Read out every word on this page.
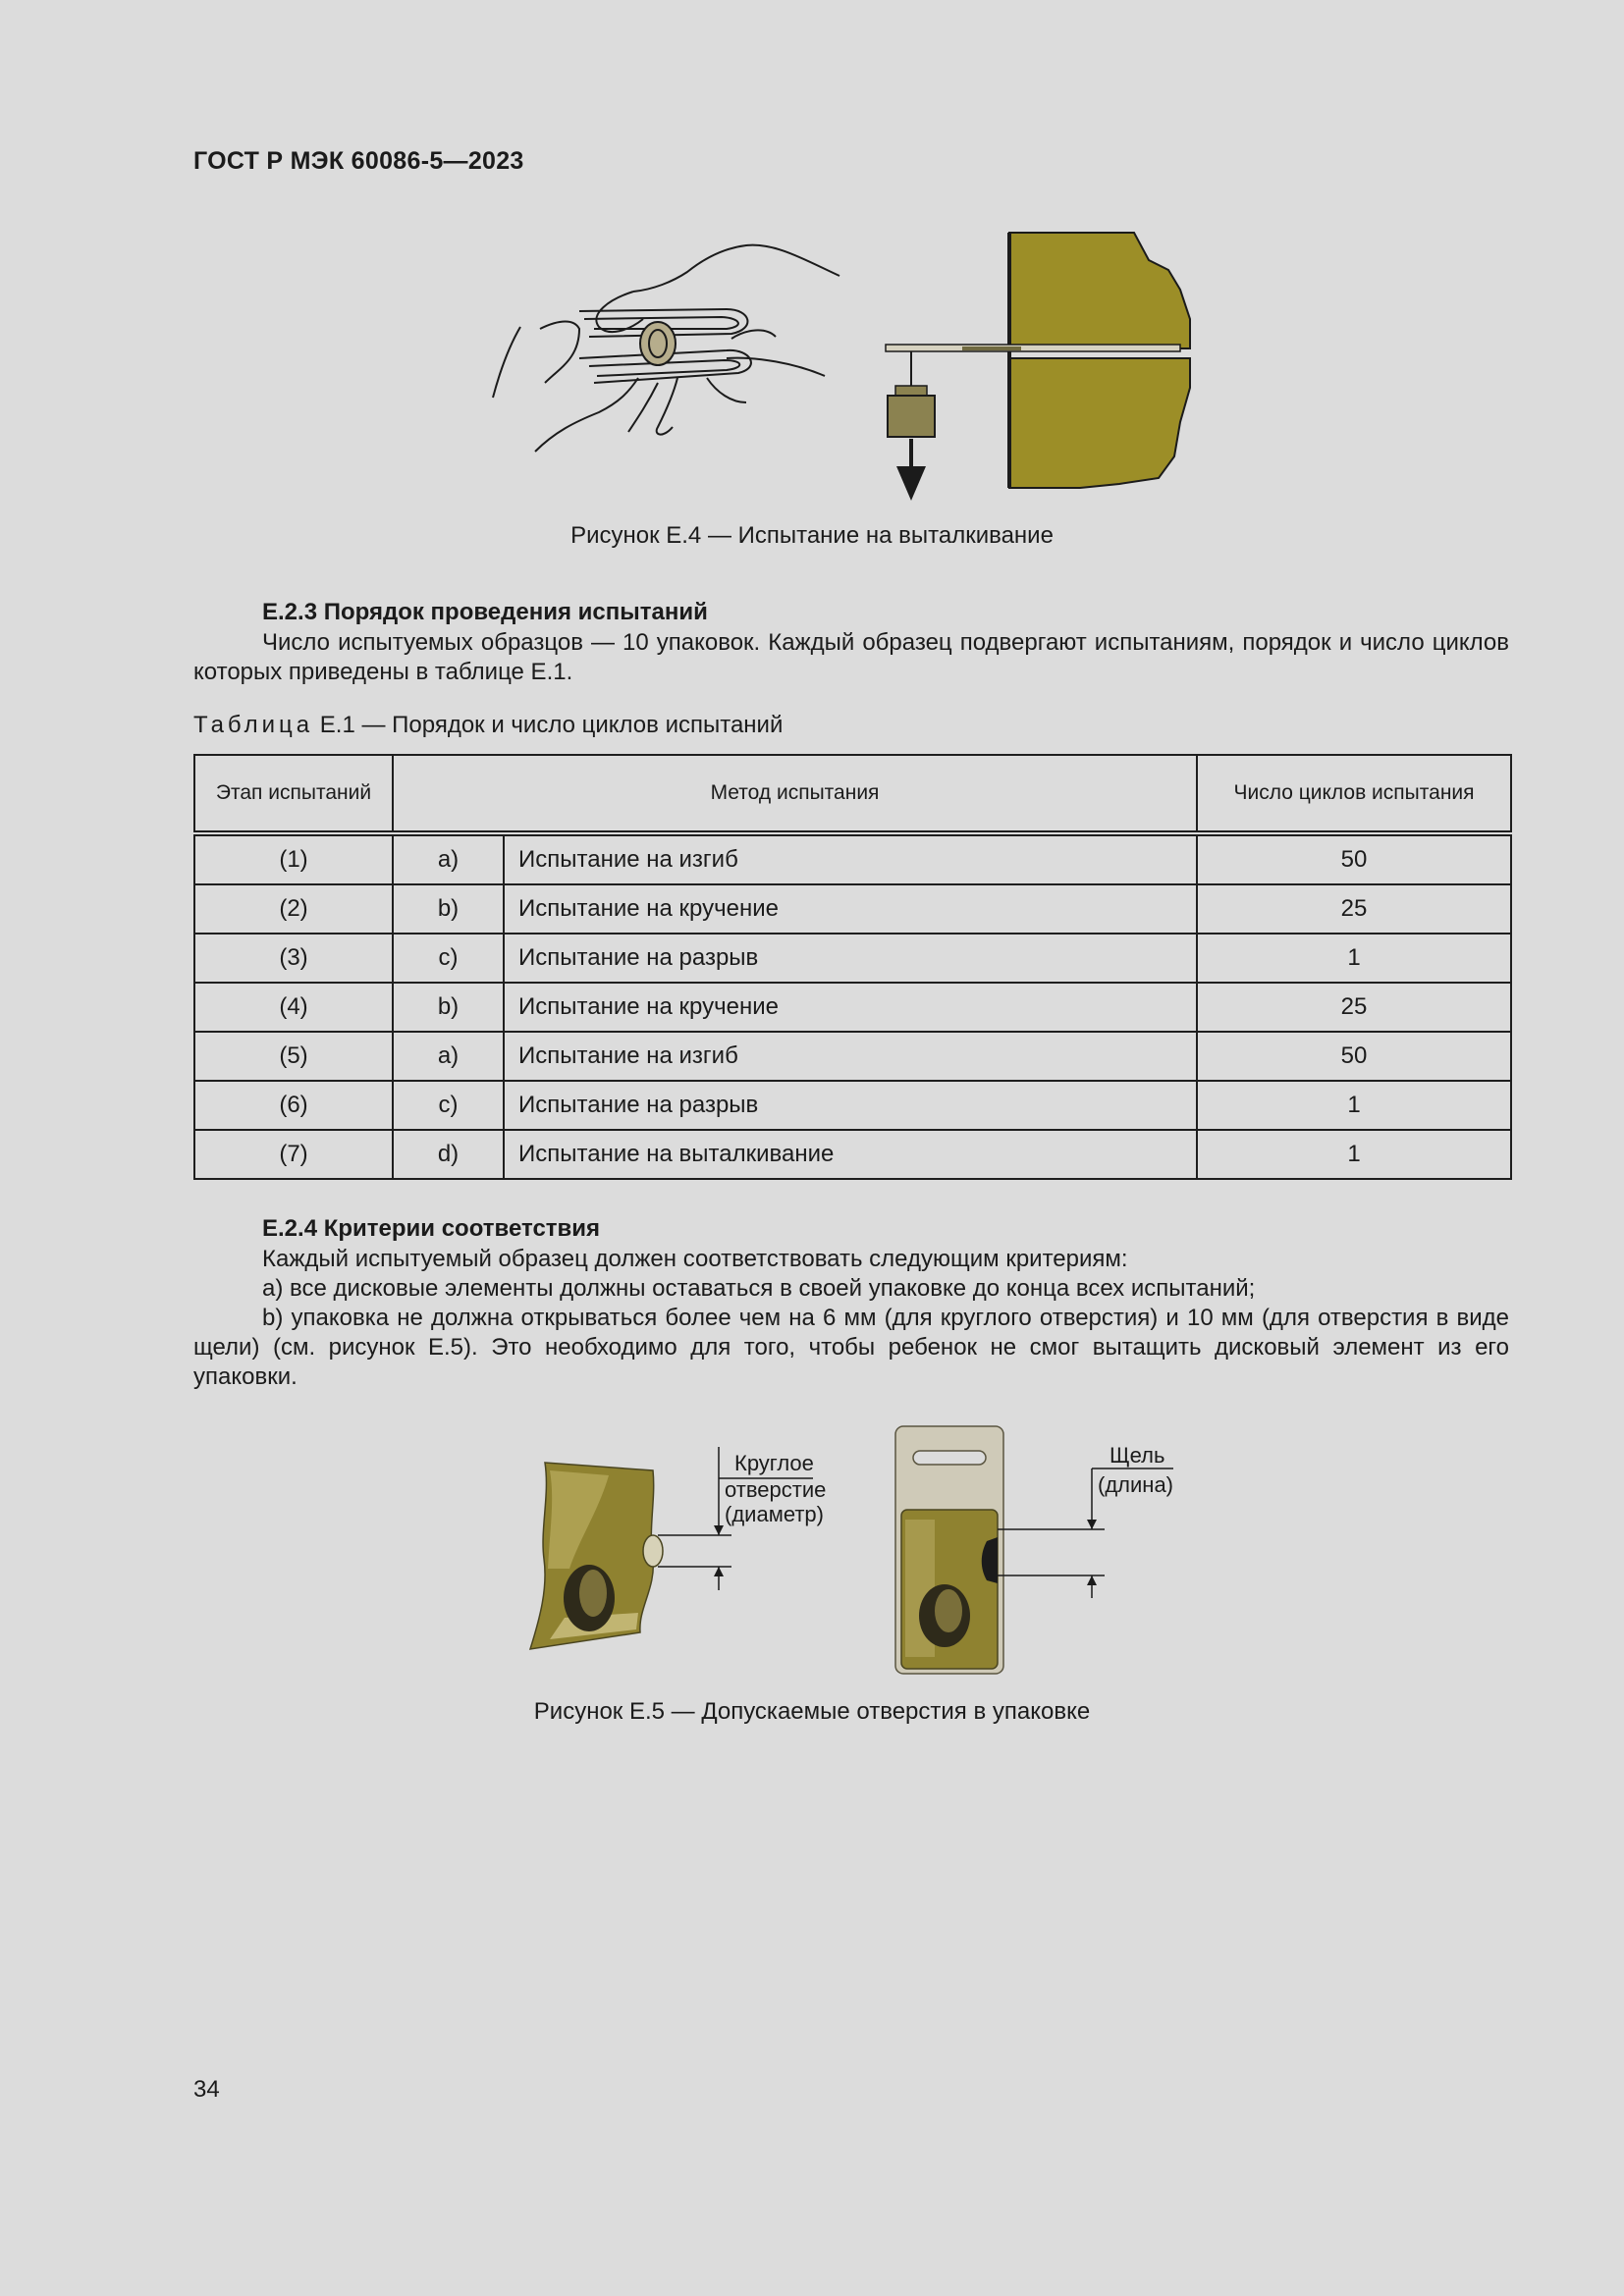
ГОСТ Р МЭК 60086-5—2023
Рисунок Е.4 — Испытание на выталкивание
Е.2.3 Порядок проведения испытаний
Число испытуемых образцов — 10 упаковок. Каждый образец подвергают испытаниям, порядок и число циклов которых приведены в таблице Е.1.
Таблица Е.1 — Порядок и число циклов испытаний
Этап испытаний	Метод испытания		Число циклов испытания
(1)	a)	Испытание на изгиб	50
(2)	b)	Испытание на кручение	25
(3)	c)	Испытание на разрыв	1
(4)	b)	Испытание на кручение	25
(5)	a)	Испытание на изгиб	50
(6)	c)	Испытание на разрыв	1
(7)	d)	Испытание на выталкивание	1
Е.2.4 Критерии соответствия
Каждый испытуемый образец должен соответствовать следующим критериям:
a) все дисковые элементы должны оставаться в своей упаковке до конца всех испытаний;
b) упаковка не должна открываться более чем на 6 мм (для круглого отверстия) и 10 мм (для отверстия в виде щели) (см. рисунок Е.5). Это необходимо для того, чтобы ребенок не смог вытащить дисковый элемент из его упаковки.
Круглое
отверстие
(диаметр)
Щель
(длина)
Рисунок Е.5 — Допускаемые отверстия в упаковке
34
